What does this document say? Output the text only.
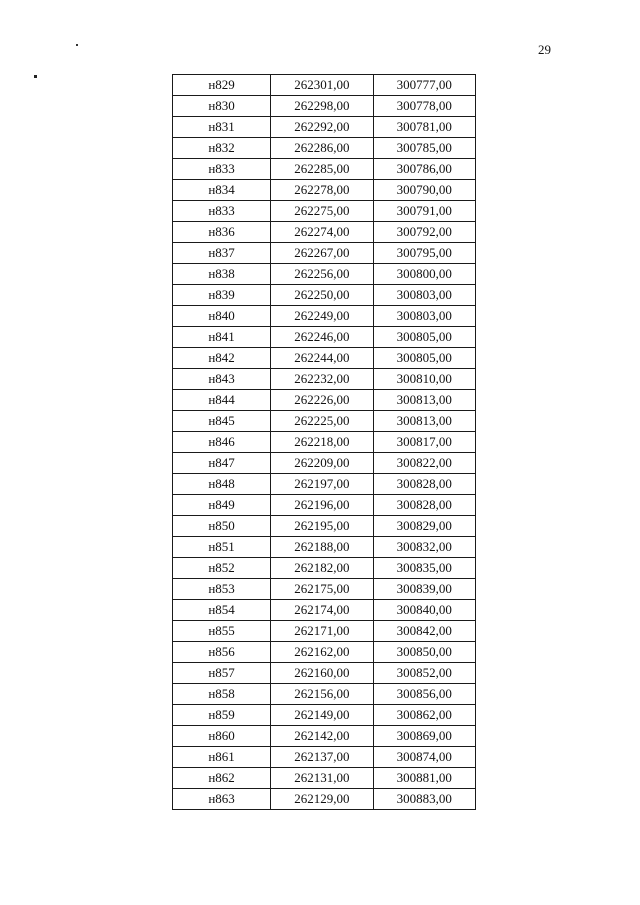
29
н829	262301,00	300777,00
н830	262298,00	300778,00
н831	262292,00	300781,00
н832	262286,00	300785,00
н833	262285,00	300786,00
н834	262278,00	300790,00
н833	262275,00	300791,00
н836	262274,00	300792,00
н837	262267,00	300795,00
н838	262256,00	300800,00
н839	262250,00	300803,00
н840	262249,00	300803,00
н841	262246,00	300805,00
н842	262244,00	300805,00
н843	262232,00	300810,00
н844	262226,00	300813,00
н845	262225,00	300813,00
н846	262218,00	300817,00
н847	262209,00	300822,00
н848	262197,00	300828,00
н849	262196,00	300828,00
н850	262195,00	300829,00
н851	262188,00	300832,00
н852	262182,00	300835,00
н853	262175,00	300839,00
н854	262174,00	300840,00
н855	262171,00	300842,00
н856	262162,00	300850,00
н857	262160,00	300852,00
н858	262156,00	300856,00
н859	262149,00	300862,00
н860	262142,00	300869,00
н861	262137,00	300874,00
н862	262131,00	300881,00
н863	262129,00	300883,00
